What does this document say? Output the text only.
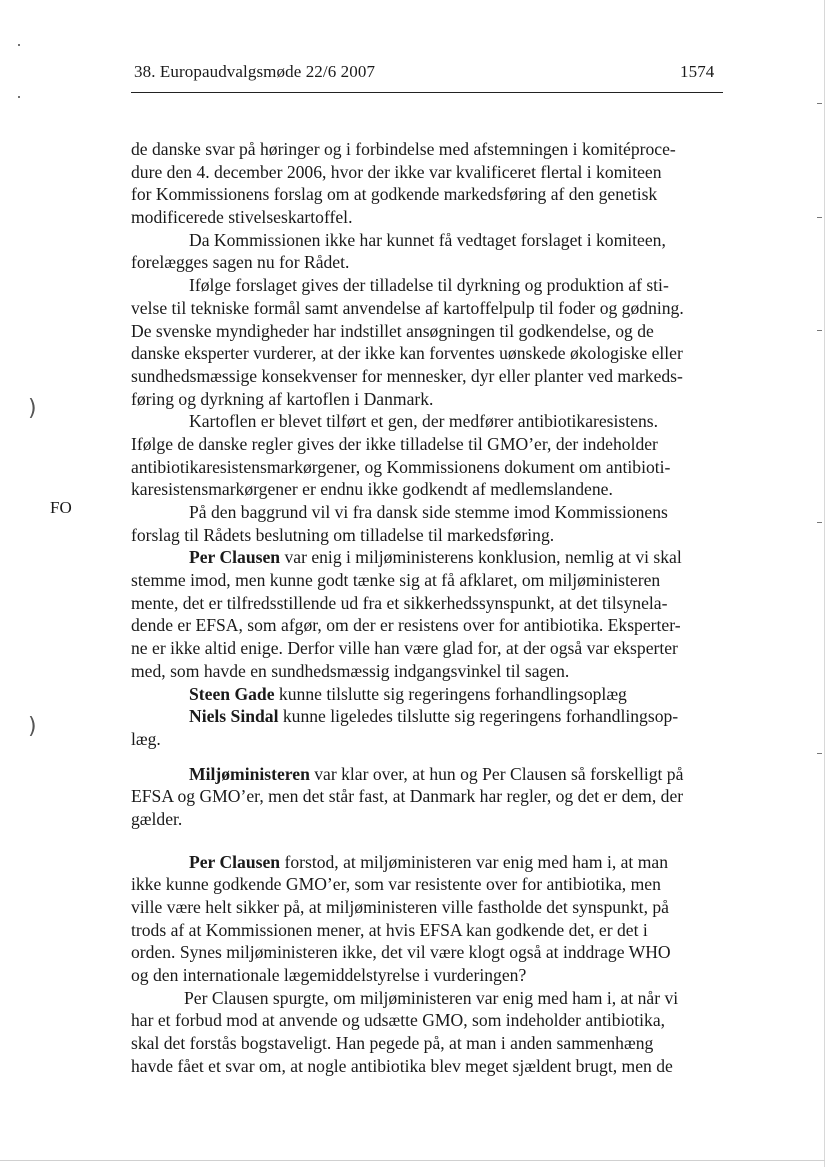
38. Europaudvalgsmøde 22/6 2007	1574
)
)
FO
de danske svar på høringer og i forbindelse med afstemningen i komitéproce-
dure den 4. december 2006, hvor der ikke var kvalificeret flertal i komiteen
for Kommissionens forslag om at godkende markedsføring af den genetisk
modificerede stivelseskartoffel.
Da Kommissionen ikke har kunnet få vedtaget forslaget i komiteen,
forelægges sagen nu for Rådet.
Ifølge forslaget gives der tilladelse til dyrkning og produktion af sti-
velse til tekniske formål samt anvendelse af kartoffelpulp til foder og gødning.
De svenske myndigheder har indstillet ansøgningen til godkendelse, og de
danske eksperter vurderer, at der ikke kan forventes uønskede økologiske eller
sundhedsmæssige konsekvenser for mennesker, dyr eller planter ved markeds-
føring og dyrkning af kartoflen i Danmark.
Kartoflen er blevet tilført et gen, der medfører antibiotikaresistens.
Ifølge de danske regler gives der ikke tilladelse til GMO’er, der indeholder
antibiotikaresistensmarkørgener, og Kommissionens dokument om antibioti-
karesistensmarkørgener er endnu ikke godkendt af medlemslandene.
På den baggrund vil vi fra dansk side stemme imod Kommissionens
forslag til Rådets beslutning om tilladelse til markedsføring.
Per Clausen var enig i miljøministerens konklusion, nemlig at vi skal
stemme imod, men kunne godt tænke sig at få afklaret, om miljøministeren
mente, det er tilfredsstillende ud fra et sikkerhedssynspunkt, at det tilsynela-
dende er EFSA, som afgør, om der er resistens over for antibiotika. Eksperter-
ne er ikke altid enige. Derfor ville han være glad for, at der også var eksperter
med, som havde en sundhedsmæssig indgangsvinkel til sagen.
Steen Gade kunne tilslutte sig regeringens forhandlingsoplæg
Niels Sindal kunne ligeledes tilslutte sig regeringens forhandlingsop-
læg.
Miljøministeren var klar over, at hun og Per Clausen så forskelligt på
EFSA og GMO’er, men det står fast, at Danmark har regler, og det er dem, der
gælder.
Per Clausen forstod, at miljøministeren var enig med ham i, at man
ikke kunne godkende GMO’er, som var resistente over for antibiotika, men
ville være helt sikker på, at miljøministeren ville fastholde det synspunkt, på
trods af at Kommissionen mener, at hvis EFSA kan godkende det, er det i
orden. Synes miljøministeren ikke, det vil være klogt også at inddrage WHO
og den internationale lægemiddelstyrelse i vurderingen?
Per Clausen spurgte, om miljøministeren var enig med ham i, at når vi
har et forbud mod at anvende og udsætte GMO, som indeholder antibiotika,
skal det forstås bogstaveligt. Han pegede på, at man i anden sammenhæng
havde fået et svar om, at nogle antibiotika blev meget sjældent brugt, men de
